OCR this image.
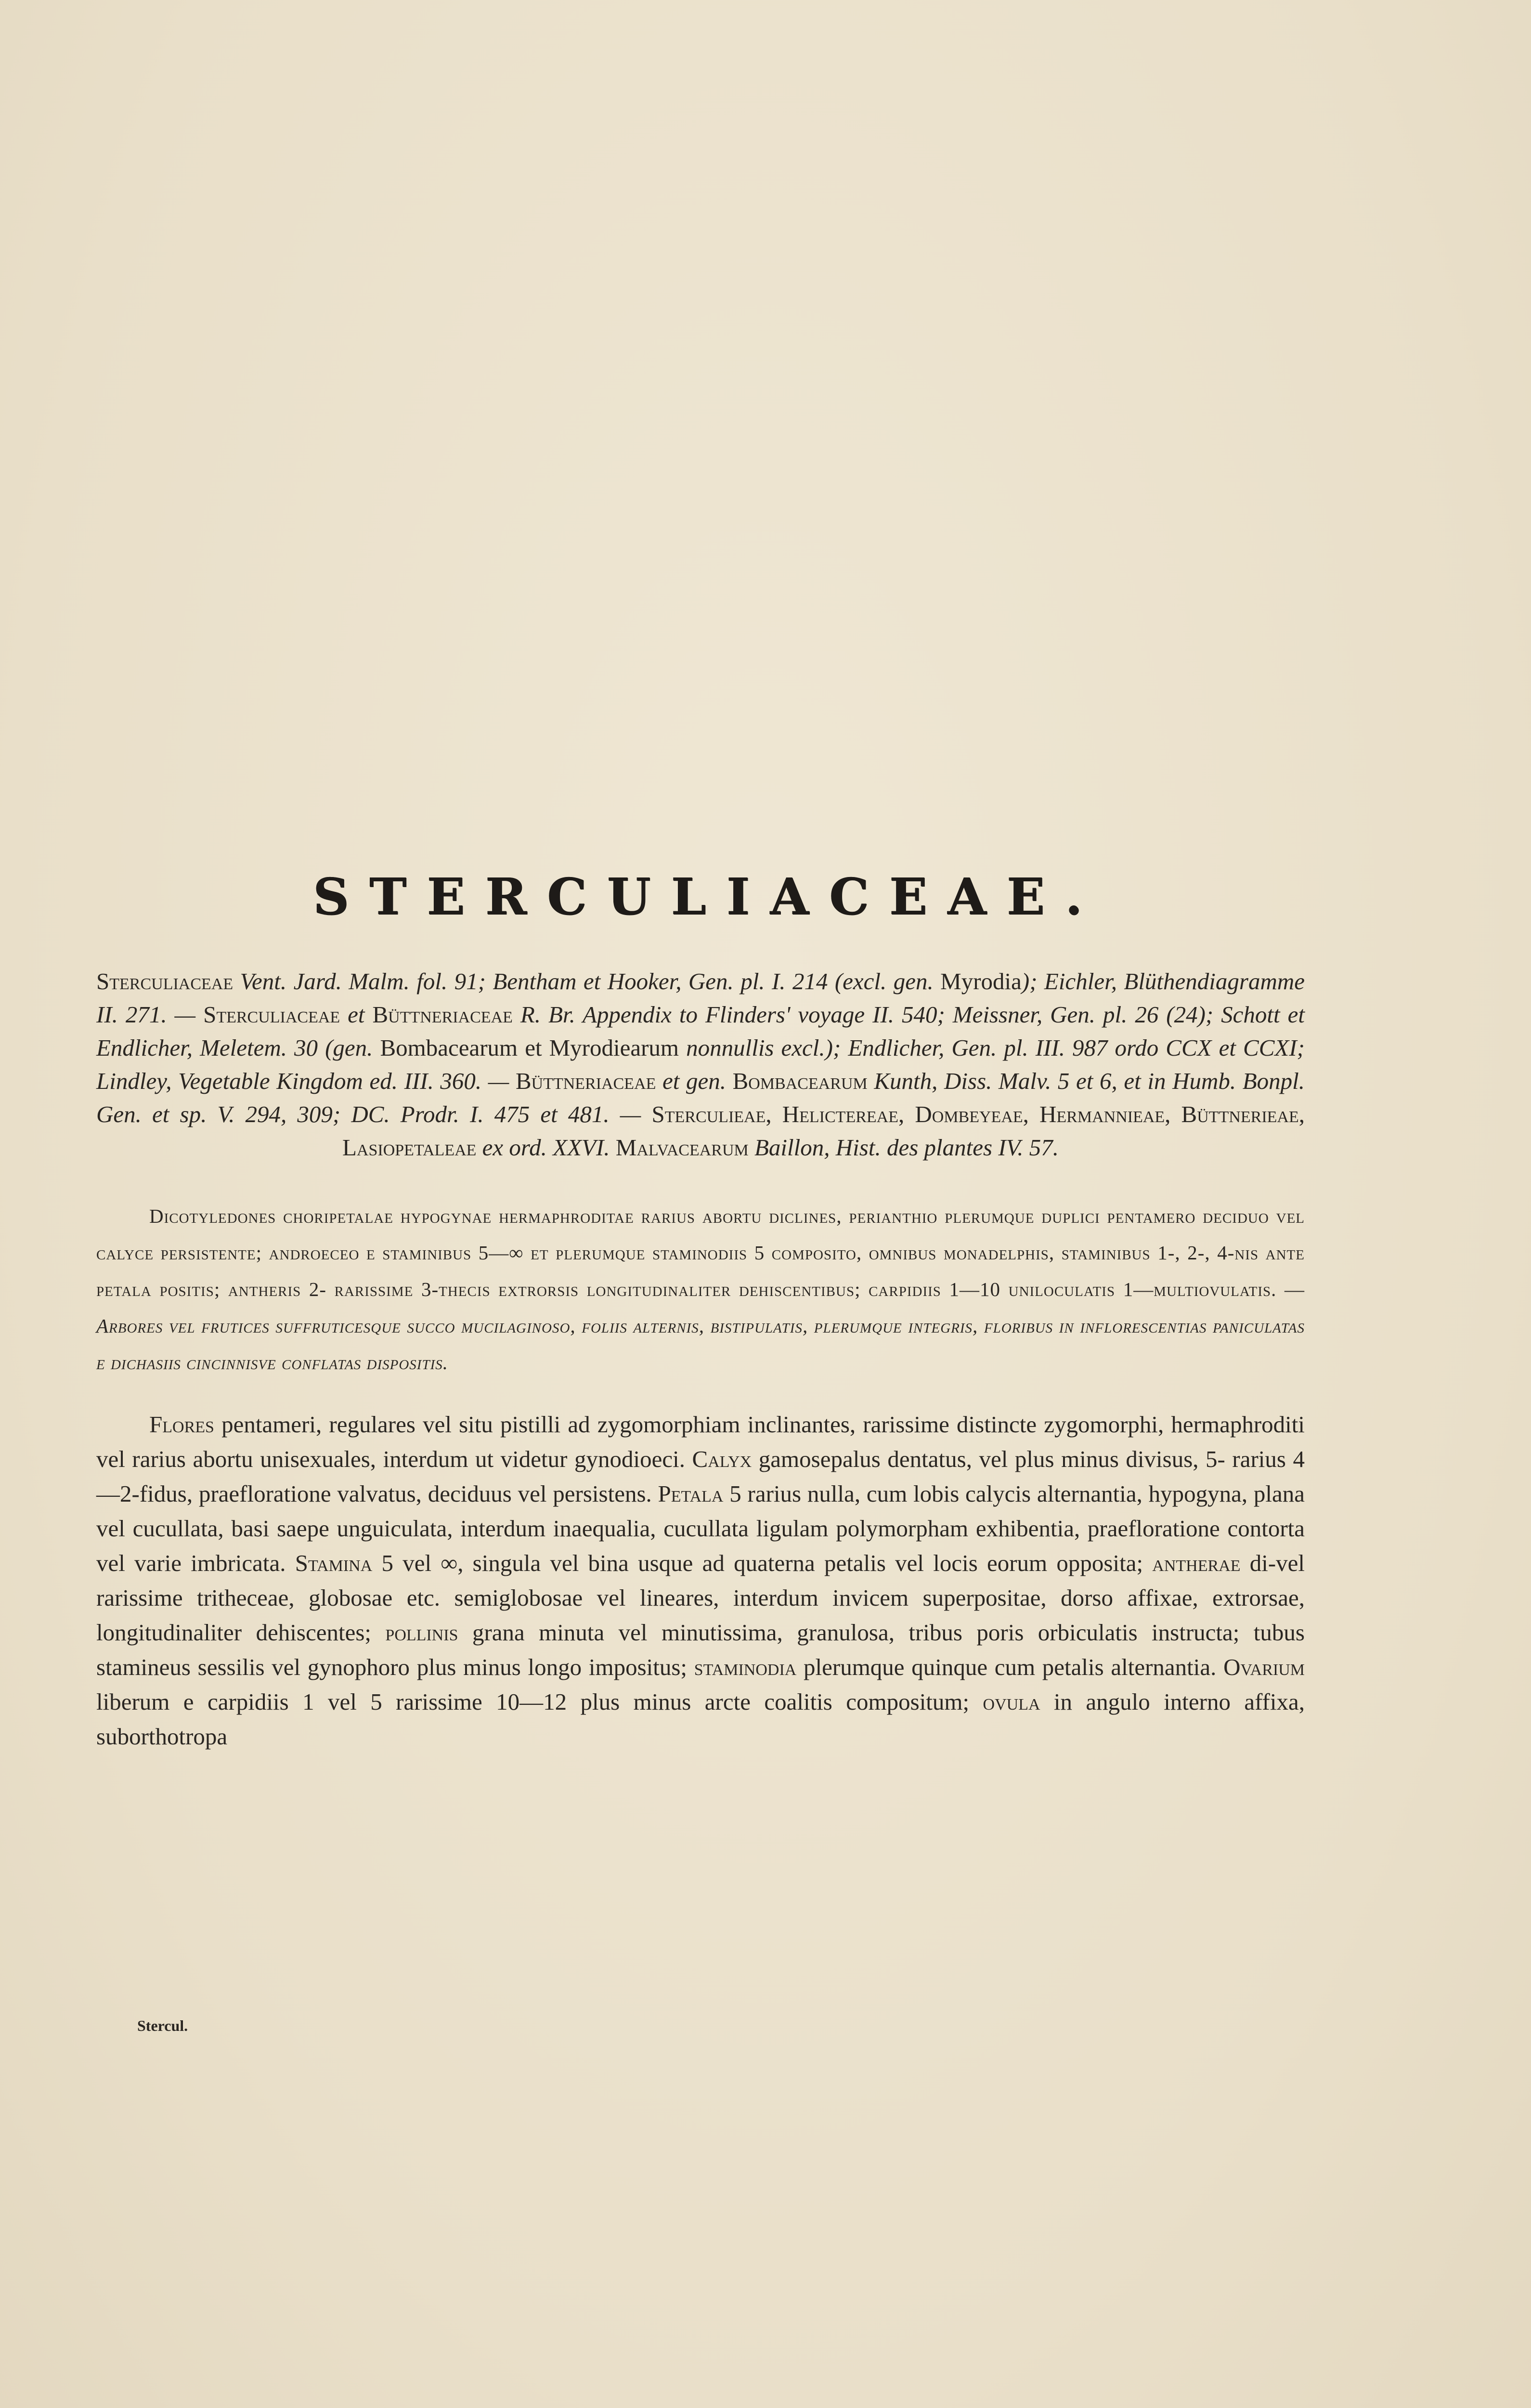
STERCULIACEAE.

Sterculiaceae Vent. Jard. Malm. fol. 91; Bentham et Hooker, Gen. pl. I. 214 (excl. gen. Myrodia); Eichler, Blüthendiagramme II. 271. — Sterculiaceae et Büttneriaceae R. Br. Appendix to Flinders' voyage II. 540; Meissner, Gen. pl. 26 (24); Schott et Endlicher, Meletem. 30 (gen. Bombacearum et Myrodiearum nonnullis excl.); Endlicher, Gen. pl. III. 987 ordo CCX et CCXI; Lindley, Vegetable Kingdom ed. III. 360. — Büttneriaceae et gen. Bombacearum Kunth, Diss. Malv. 5 et 6, et in Humb. Bonpl. Gen. et sp. V. 294, 309; DC. Prodr. I. 475 et 481. — Sterculieae, Helictereae, Dombeyeae, Hermannieae, Büttnerieae, Lasiopetaleae ex ord. XXVI. Malvacearum Baillon, Hist. des plantes IV. 57.

Dicotyledones choripetalae hypogynae hermaphroditae rarius abortu diclines, perianthio plerumque duplici pentamero deciduo vel calyce persistente; androeceo e staminibus 5—∞ et plerumque staminodiis 5 composito, omnibus monadelphis, staminibus 1-, 2-, 4-nis ante petala positis; antheris 2- rarissime 3-thecis extrorsis longitudinaliter dehiscentibus; carpidiis 1—10 uniloculatis 1—multiovulatis. — Arbores vel frutices suffruticesque succo mucilaginoso, foliis alternis, bistipulatis, plerumque integris, floribus in inflorescentias paniculatas e dichasiis cincinnisve conflatas dispositis.

Flores pentameri, regulares vel situ pistilli ad zygomorphiam inclinantes, rarissime distincte zygomorphi, hermaphroditi vel rarius abortu unisexuales, interdum ut videtur gynodioeci. Calyx gamosepalus dentatus, vel plus minus divisus, 5- rarius 4—2-fidus, praefloratione valvatus, deciduus vel persistens. Petala 5 rarius nulla, cum lobis calycis alternantia, hypogyna, plana vel cucullata, basi saepe unguiculata, interdum inaequalia, cucullata ligulam polymorpham exhibentia, praefloratione contorta vel varie imbricata. Stamina 5 vel ∞, singula vel bina usque ad quaterna petalis vel locis eorum opposita; antherae di-vel rarissime tritheceae, globosae etc. semiglobosae vel lineares, interdum invicem superpositae, dorso affixae, extrorsae, longitudinaliter dehiscentes; pollinis grana minuta vel minutissima, granulosa, tribus poris orbiculatis instructa; tubus stamineus sessilis vel gynophoro plus minus longo impositus; staminodia plerumque quinque cum petalis alternantia. Ovarium liberum e carpidiis 1 vel 5 rarissime 10—12 plus minus arcte coalitis compositum; ovula in angulo interno affixa, suborthotropa

Stercul.
